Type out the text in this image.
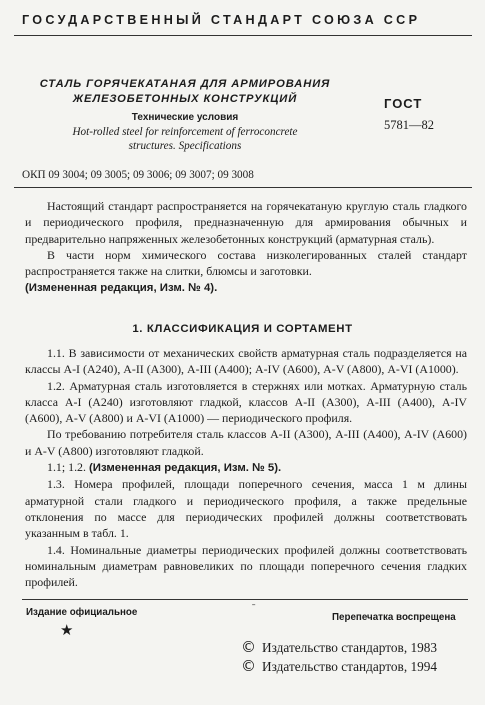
ГОСУДАРСТВЕННЫЙ СТАНДАРТ СОЮЗА ССР
СТАЛЬ ГОРЯЧЕКАТАНАЯ ДЛЯ АРМИРОВАНИЯ
ЖЕЛЕЗОБЕТОННЫХ КОНСТРУКЦИЙ
Технические условия
Hot-rolled steel for reinforcement of ferroconcrete
structures. Specifications
ГОСТ
5781—82
ОКП 09 3004; 09 3005; 09 3006; 09 3007; 09 3008

Настоящий стандарт распространяется на горячекатаную круглую сталь гладкого и периодического профиля, предназначенную для армирования обычных и предварительно напряженных железобетонных конструкций (арматурная сталь).

В части норм химического состава низколегированных сталей стандарт распространяется также на слитки, блюмсы и заготовки.
(Измененная редакция, Изм. № 4).

1. КЛАССИФИКАЦИЯ И СОРТАМЕНТ

1.1. В зависимости от механических свойств арматурная сталь подразделяется на классы А-I (А240), А-II (А300), А-III (А400); А-IV (А600), А-V (А800), А-VI (А1000).

1.2. Арматурная сталь изготовляется в стержнях или мотках. Арматурную сталь класса А-I (А240) изготовляют гладкой, классов А-II (А300), А-III (А400), А-IV (А600), А-V (А800) и А-VI (А1000) — периодического профиля.

По требованию потребителя сталь классов А-II (А300), А-III (А400), А-IV (А600) и А-V (А800) изготовляют гладкой.

1.1; 1.2. (Измененная редакция, Изм. № 5).

1.3. Номера профилей, площади поперечного сечения, масса 1 м длины арматурной стали гладкого и периодического профиля, а также предельные отклонения по массе для периодических профилей должны соответствовать указанным в табл. 1.

1.4. Номинальные диаметры периодических профилей должны соответствовать номинальным диаметрам равновеликих по площади поперечного сечения гладких профилей.

Издание официальное
★
ˉ
Перепечатка воспрещена
© Издательство стандартов, 1983
© Издательство стандартов, 1994
